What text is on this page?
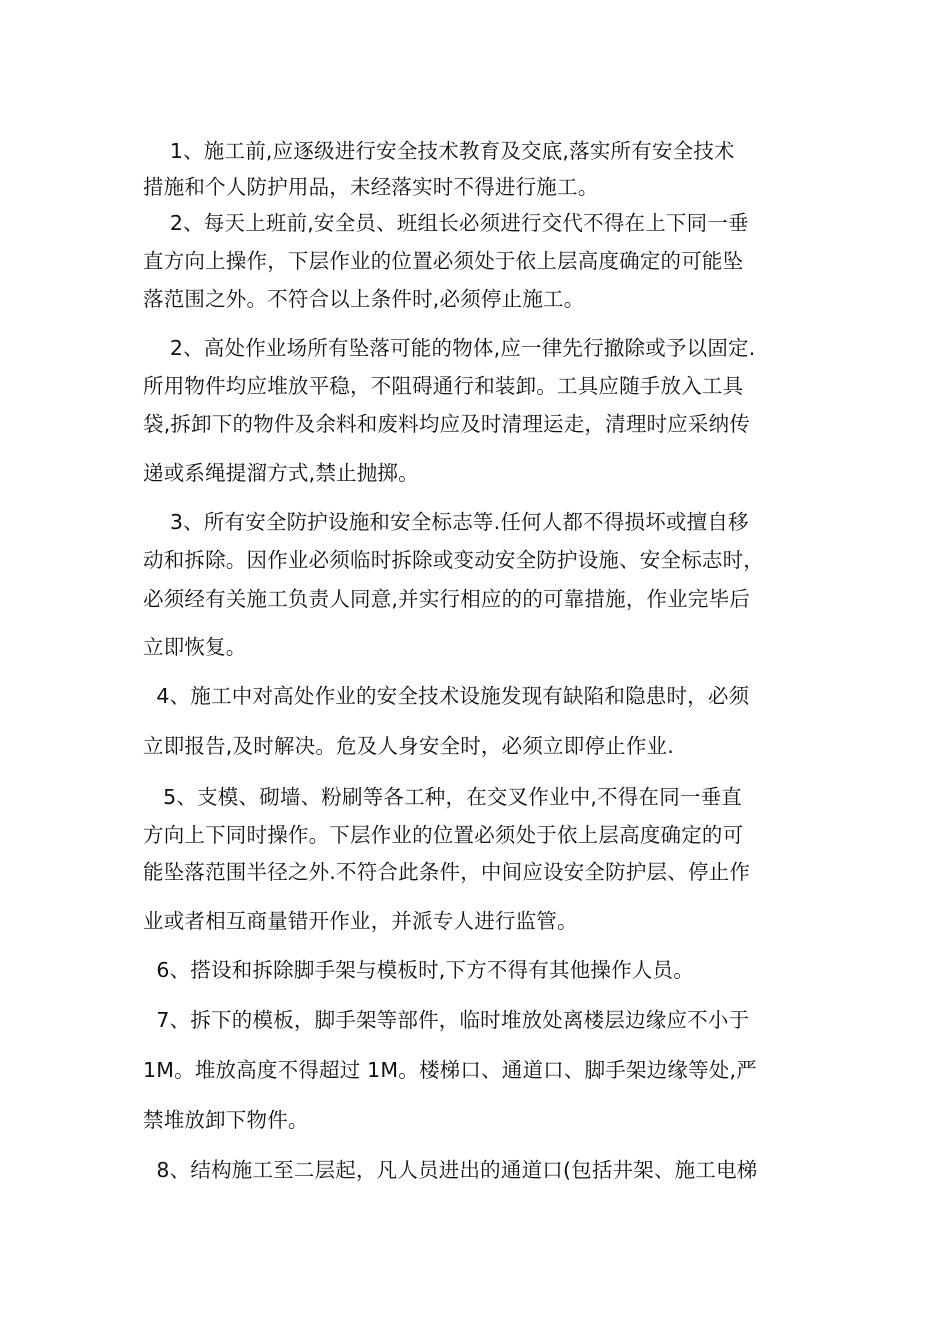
1、施工前,应逐级进行安全技术教育及交底,落实所有安全技术
措施和个人防护用品，未经落实时不得进行施工。
2、每天上班前,安全员、班组长必须进行交代不得在上下同一垂
直方向上操作，下层作业的位置必须处于依上层高度确定的可能坠
落范围之外。不符合以上条件时,必须停止施工。
2、高处作业场所有坠落可能的物体,应一律先行撤除或予以固定.
所用物件均应堆放平稳，不阻碍通行和装卸。工具应随手放入工具
袋,拆卸下的物件及余料和废料均应及时清理运走，清理时应采纳传
递或系绳提溜方式,禁止抛掷。
3、所有安全防护设施和安全标志等.任何人都不得损坏或擅自移
动和拆除。因作业必须临时拆除或变动安全防护设施、安全标志时，
必须经有关施工负责人同意,并实行相应的的可靠措施，作业完毕后
立即恢复。
4、施工中对高处作业的安全技术设施发现有缺陷和隐患时，必须
立即报告,及时解决。危及人身安全时，必须立即停止作业.
5、支模、砌墙、粉刷等各工种，在交叉作业中,不得在同一垂直
方向上下同时操作。下层作业的位置必须处于依上层高度确定的可
能坠落范围半径之外.不符合此条件，中间应设安全防护层、停止作
业或者相互商量错开作业，并派专人进行监管。
6、搭设和拆除脚手架与模板时,下方不得有其他操作人员。
7、拆下的模板，脚手架等部件，临时堆放处离楼层边缘应不小于
1M。堆放高度不得超过 1M。楼梯口、通道口、脚手架边缘等处,严
禁堆放卸下物件。
8、结构施工至二层起，凡人员进出的通道口(包括井架、施工电梯
